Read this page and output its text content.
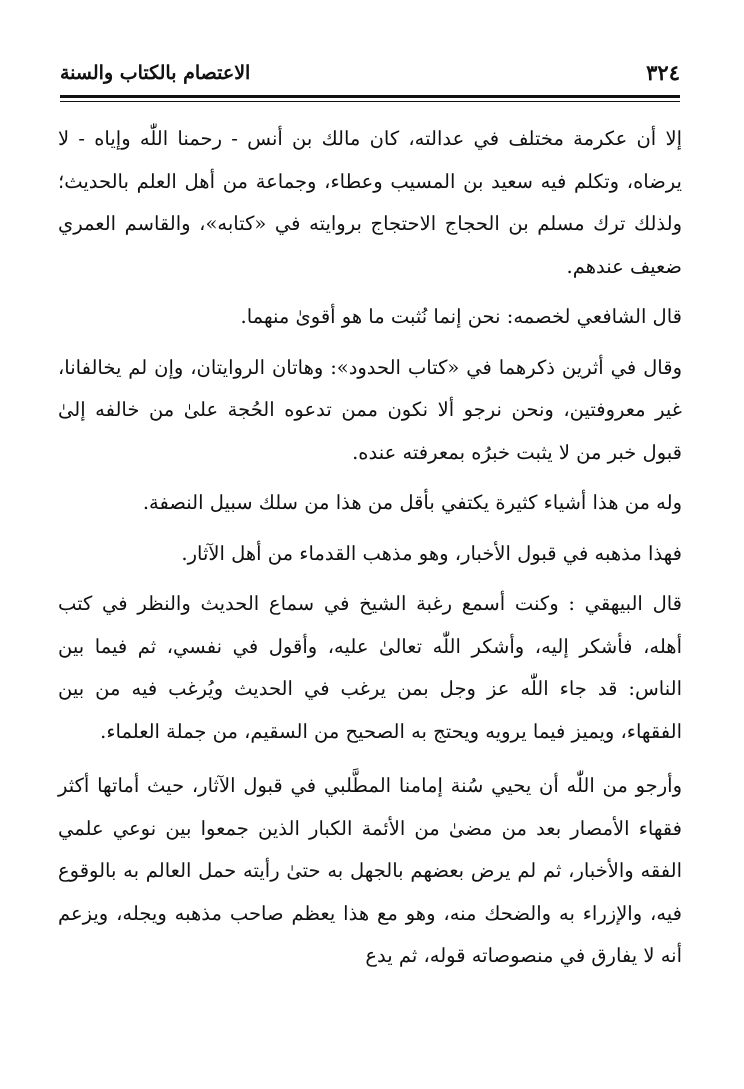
٣٢٤
الاعتصام بالكتاب والسنة

إلا أن عكرمة مختلف في عدالته، كان مالك بن أنس - رحمنا اللّٰه وإياه - لا يرضاه، وتكلم فيه سعيد بن المسيب وعطاء، وجماعة من أهل العلم بالحديث؛ ولذلك ترك مسلم بن الحجاج الاحتجاج بروايته في «كتابه»، والقاسم العمري ضعيف عندهم.

قال الشافعي لخصمه: نحن إنما نُثبت ما هو أقوىٰ منهما.

وقال في أثرين ذكرهما في «كتاب الحدود»: وهاتان الروايتان، وإن لم يخالفانا، غير معروفتين، ونحن نرجو ألا نكون ممن تدعوه الحُجة علىٰ من خالفه إلىٰ قبول خبر من لا يثبت خبرُه بمعرفته عنده.

وله من هذا أشياء كثيرة يكتفي بأقل من هذا من سلك سبيل النصفة.

فهذا مذهبه في قبول الأخبار، وهو مذهب القدماء من أهل الآثار.

قال البيهقي : وكنت أسمع رغبة الشيخ في سماع الحديث والنظر في كتب أهله، فأشكر إليه، وأشكر اللّٰه تعالىٰ عليه، وأقول في نفسي، ثم فيما بين الناس: قد جاء اللّٰه عز وجل بمن يرغب في الحديث ويُرغب فيه من بين الفقهاء، ويميز فيما يرويه ويحتج به الصحيح من السقيم، من جملة العلماء.

وأرجو من اللّٰه أن يحيي سُنة إمامنا المطَّلبي في قبول الآثار، حيث أماتها أكثر فقهاء الأمصار بعد من مضىٰ من الأئمة الكبار الذين جمعوا بين نوعي علمي الفقه والأخبار، ثم لم يرض بعضهم بالجهل به حتىٰ رأيته حمل العالم به بالوقوع فيه، والإزراء به والضحك منه، وهو مع هذا يعظم صاحب مذهبه ويجله، ويزعم أنه لا يفارق في منصوصاته قوله، ثم يدع
